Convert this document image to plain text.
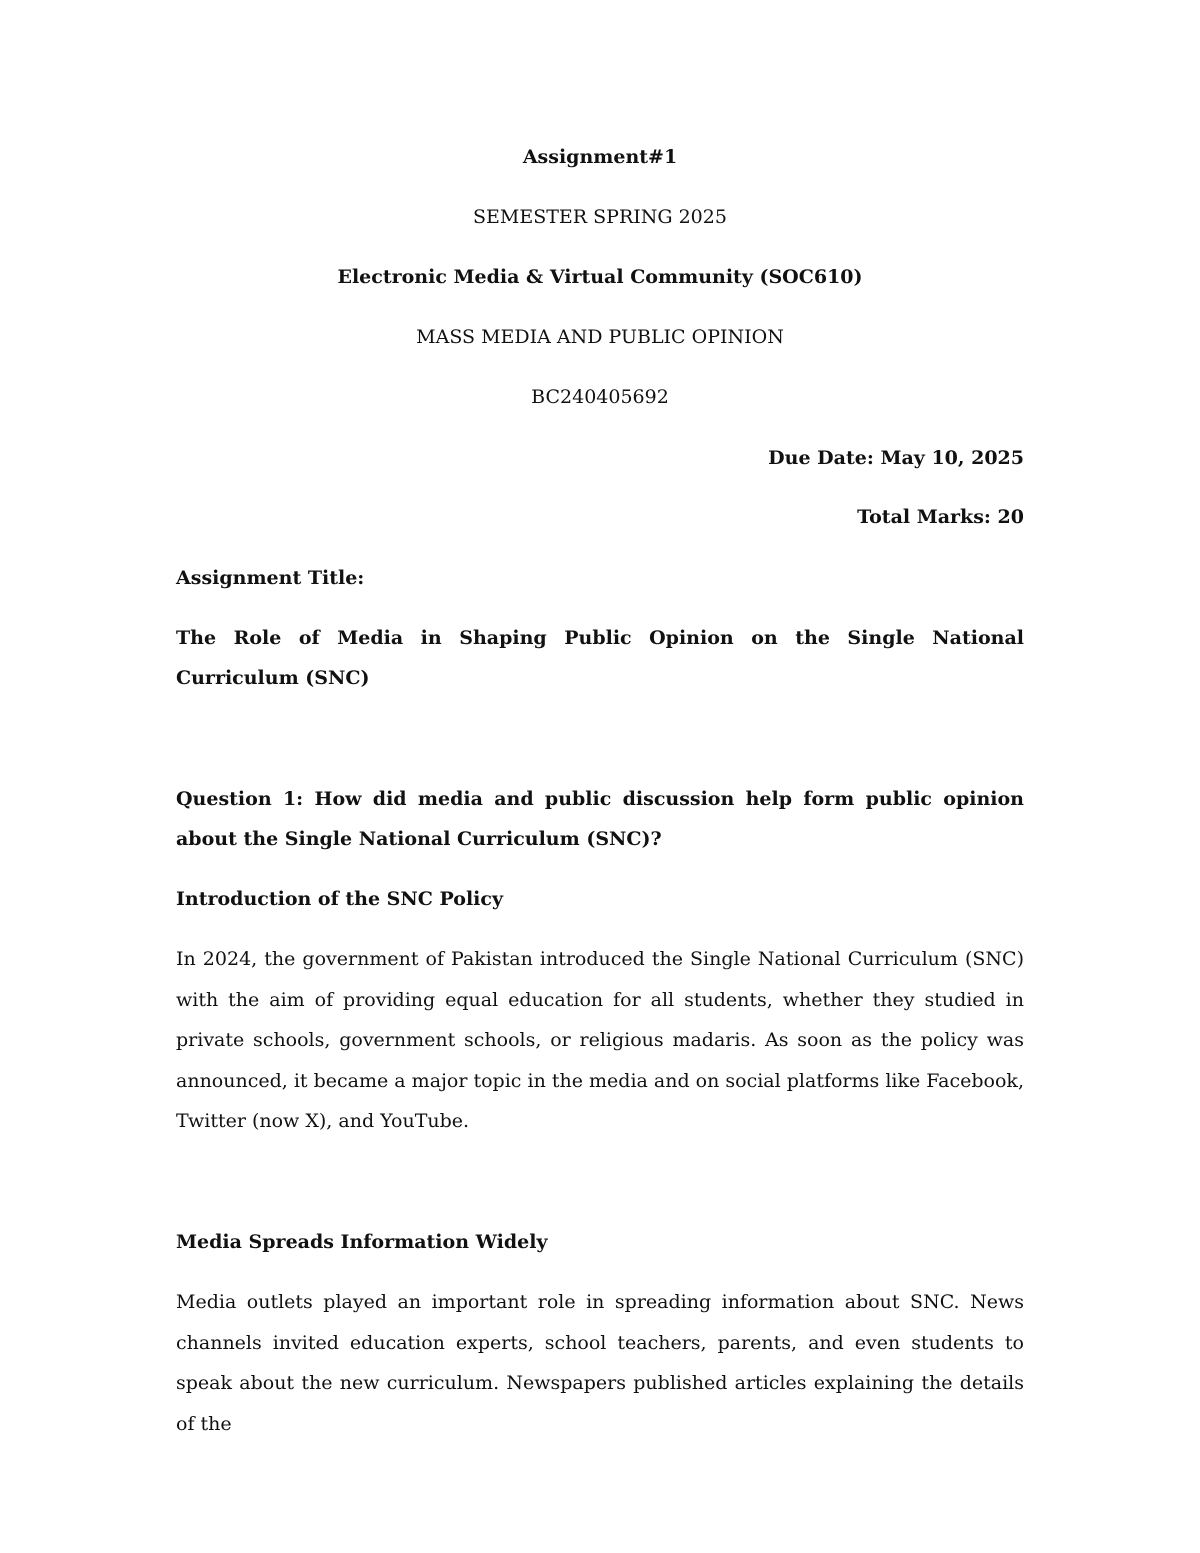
Assignment#1
SEMESTER SPRING 2025
Electronic Media & Virtual Community (SOC610)
MASS MEDIA AND PUBLIC OPINION
BC240405692
Due Date: May 10, 2025
Total Marks: 20
Assignment Title:
The Role of Media in Shaping Public Opinion on the Single National Curriculum (SNC)
Question 1: How did media and public discussion help form public opinion about the Single National Curriculum (SNC)?
Introduction of the SNC Policy
In 2024, the government of Pakistan introduced the Single National Curriculum (SNC) with the aim of providing equal education for all students, whether they studied in private schools, government schools, or religious madaris. As soon as the policy was announced, it became a major topic in the media and on social platforms like Facebook, Twitter (now X), and YouTube.
Media Spreads Information Widely
Media outlets played an important role in spreading information about SNC. News channels invited education experts, school teachers, parents, and even students to speak about the new curriculum. Newspapers published articles explaining the details of the
